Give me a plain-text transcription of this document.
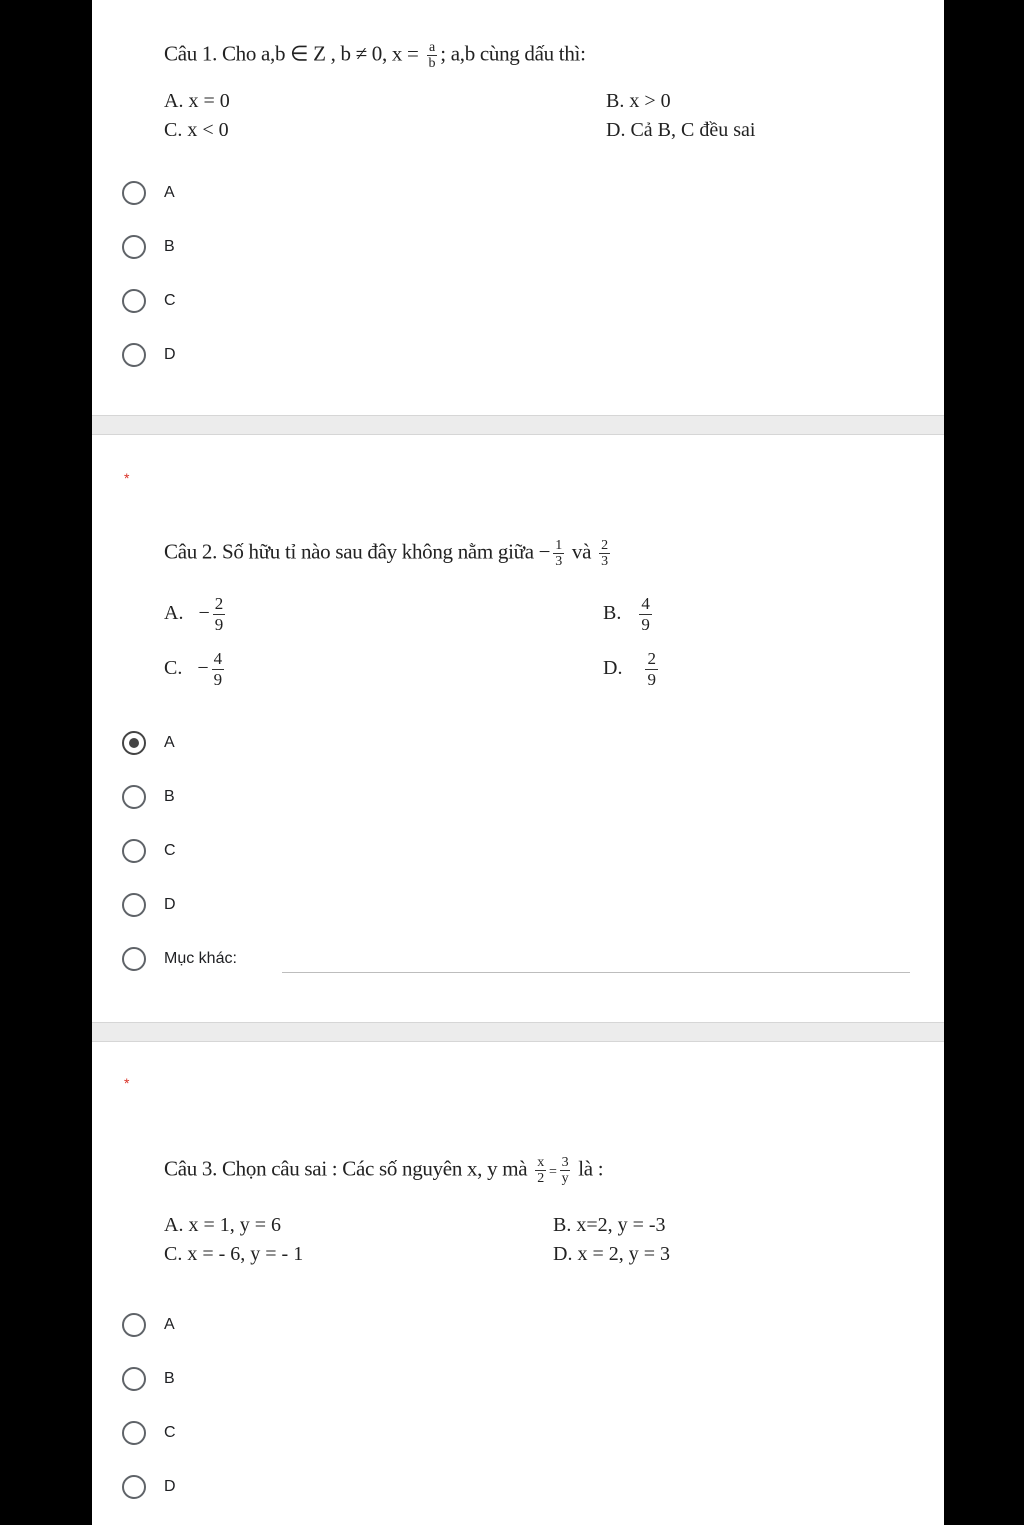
Câu 1. Cho a,b ∈ Z , b ≠ 0, $x = \frac{a}{b}$ ; a,b cùng dấu thì:
A. x = 0	B. x > 0
C. x < 0	D. Cả B, C đều sai
A
B
C
D
*
Câu 2. Số hữu tỉ nào sau đây không nằm giữa − $\frac{1}{3}$ và $\frac{2}{3}$
A. − $\frac{2}{9}$	B. $\frac{4}{9}$
C. − $\frac{4}{9}$	D. $\frac{2}{9}$
A
B
C
D
Mục khác:
*
Câu 3. Chọn câu sai : Các số nguyên x, y mà $\frac{x}{2} = \frac{3}{y}$ là :
A. x = 1, y = 6	B. x=2, y = -3
C. x = - 6, y = - 1	D. x = 2, y = 3
A
B
C
D
